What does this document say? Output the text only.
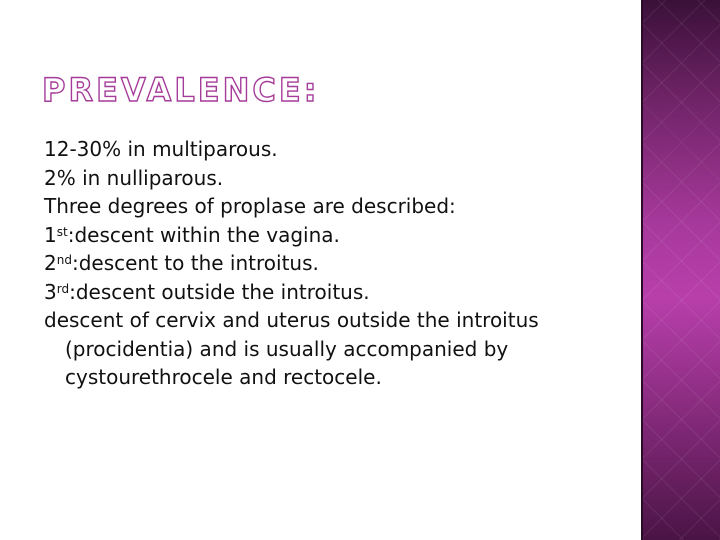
PREVALENCE:
12-30% in multiparous.
2% in nulliparous.
Three degrees of proplase are described:
1st:descent within the vagina.
2nd:descent to the introitus.
3rd:descent outside the introitus.
descent of cervix and uterus outside the introitus (procidentia) and is usually accompanied by cystourethrocele and rectocele.
